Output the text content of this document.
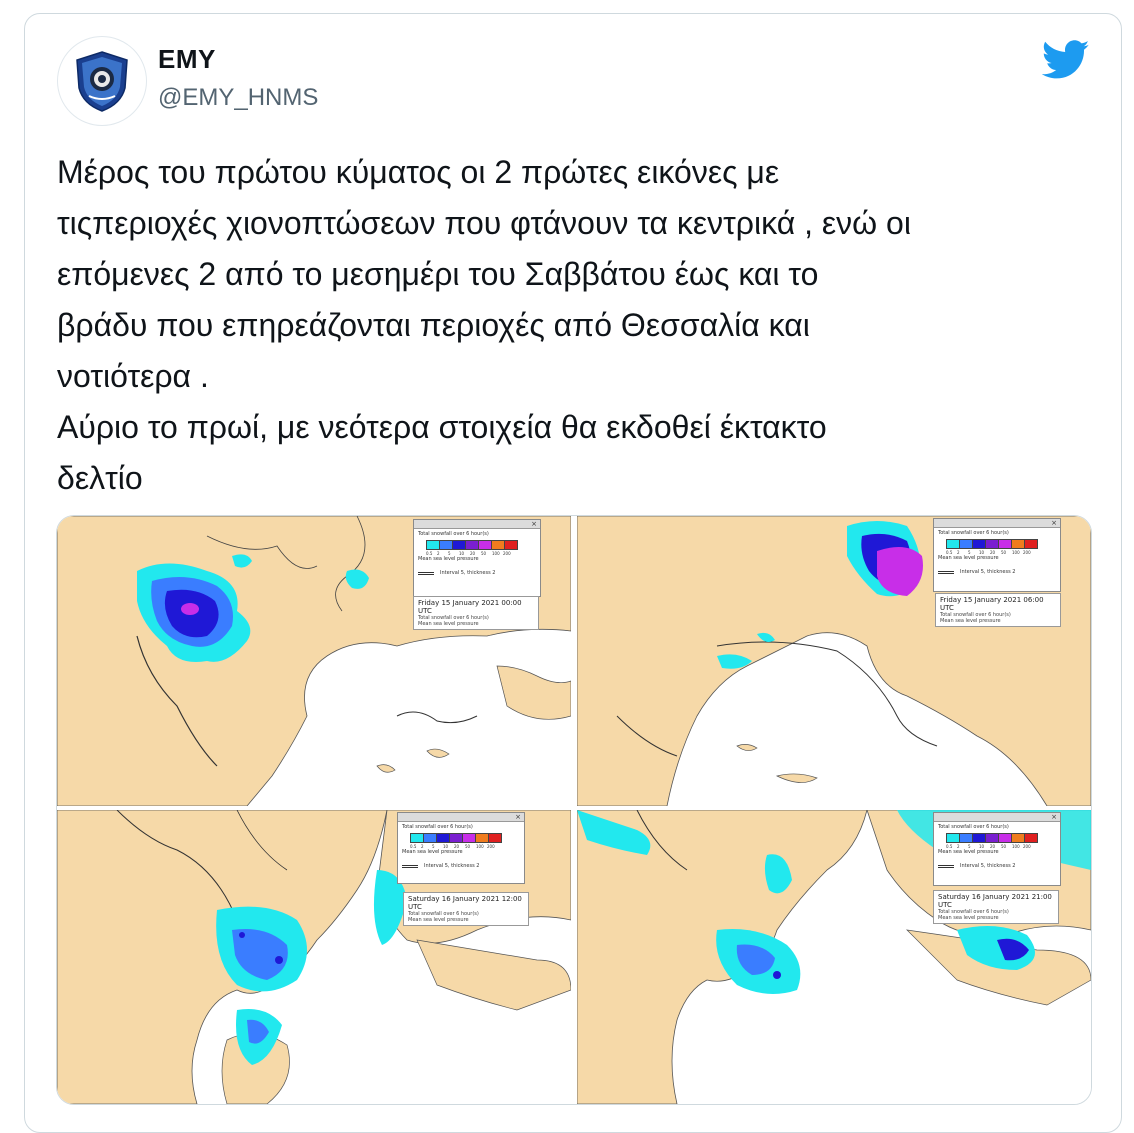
ΕΜΥ
@EMY_HNMS
Μέρος του πρώτου κύματος οι 2 πρώτες εικόνες με
τιςπεριοχές χιονοπτώσεων που φτάνουν τα κεντρικά , ενώ οι
επόμενες 2 από το μεσημέρι του Σαββάτου έως και το
βράδυ που επηρεάζονται περιοχές από Θεσσαλία και
νοτιότερα .
Αύριο το πρωί, με νεότερα στοιχεία θα εκδοθεί έκτακτο
δελτίο
×
Total snowfall over 6 hour(s)
0.5	2	5	10	20	50	100 200
Mean sea level pressure
Interval 5, thickness 2
Friday 15 January 2021 00:00 UTC
Total snowfall over 6 hour(s)
Mean sea level pressure
×
Total snowfall over 6 hour(s)
0.5	2	5	10	20	50	100 200
Mean sea level pressure
Interval 5, thickness 2
Friday 15 January 2021 06:00 UTC
Total snowfall over 6 hour(s)
Mean sea level pressure
×
Total snowfall over 6 hour(s)
0.5	2	5	10	20	50	100 200
Mean sea level pressure
Interval 5, thickness 2
Saturday 16 January 2021 12:00 UTC
Total snowfall over 6 hour(s)
Mean sea level pressure
×
Total snowfall over 6 hour(s)
0.5	2	5	10	20	50	100 200
Mean sea level pressure
Interval 5, thickness 2
Saturday 16 January 2021 21:00 UTC
Total snowfall over 6 hour(s)
Mean sea level pressure
